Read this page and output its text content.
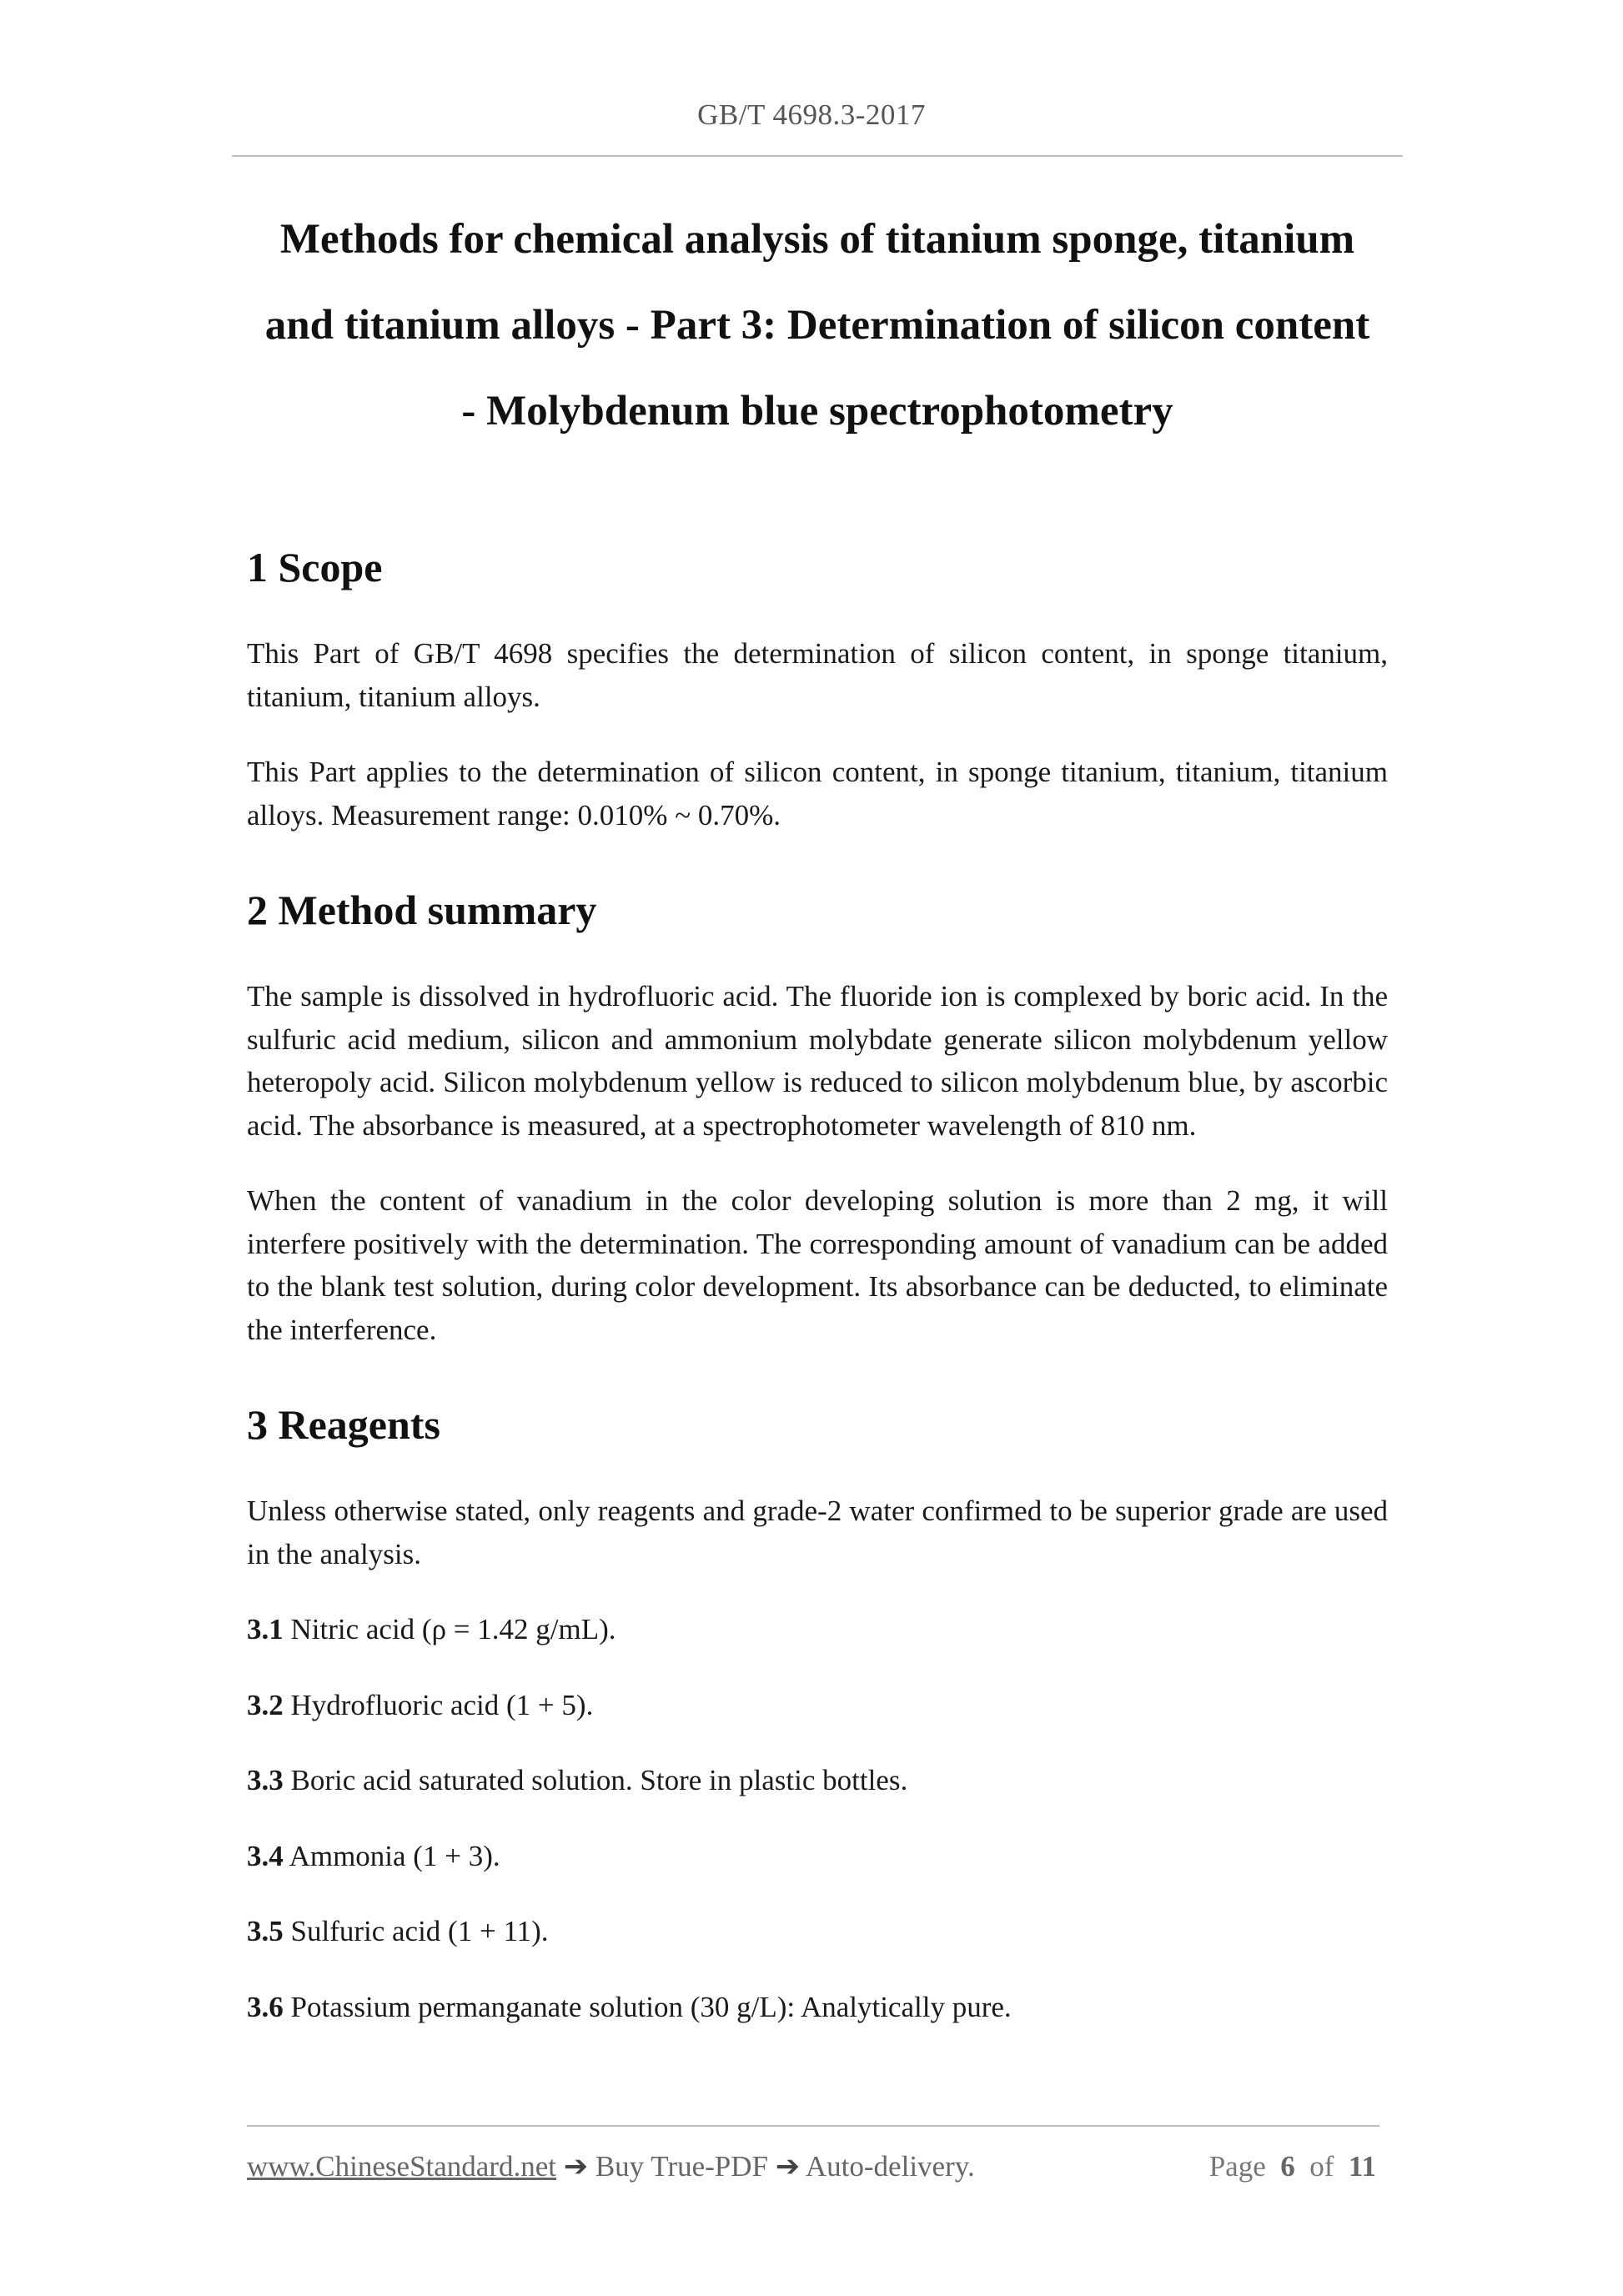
GB/T 4698.3-2017
Methods for chemical analysis of titanium sponge, titanium
and titanium alloys - Part 3: Determination of silicon content
- Molybdenum blue spectrophotometry
1 Scope

This Part of GB/T 4698 specifies the determination of silicon content, in sponge titanium, titanium, titanium alloys.

This Part applies to the determination of silicon content, in sponge titanium, titanium, titanium alloys. Measurement range: 0.010% ~ 0.70%.

2 Method summary

The sample is dissolved in hydrofluoric acid. The fluoride ion is complexed by boric acid. In the sulfuric acid medium, silicon and ammonium molybdate generate silicon molybdenum yellow heteropoly acid. Silicon molybdenum yellow is reduced to silicon molybdenum blue, by ascorbic acid. The absorbance is measured, at a spectrophotometer wavelength of 810 nm.

When the content of vanadium in the color developing solution is more than 2 mg, it will interfere positively with the determination. The corresponding amount of vanadium can be added to the blank test solution, during color development. Its absorbance can be deducted, to eliminate the interference.

3 Reagents

Unless otherwise stated, only reagents and grade-2 water confirmed to be superior grade are used in the analysis.

3.1 Nitric acid (ρ = 1.42 g/mL).

3.2 Hydrofluoric acid (1 + 5).

3.3 Boric acid saturated solution. Store in plastic bottles.

3.4 Ammonia (1 + 3).

3.5 Sulfuric acid (1 + 11).

3.6 Potassium permanganate solution (30 g/L): Analytically pure.

www.ChineseStandard.net ➔ Buy True-PDF ➔ Auto-delivery.	Page 6 of 11
